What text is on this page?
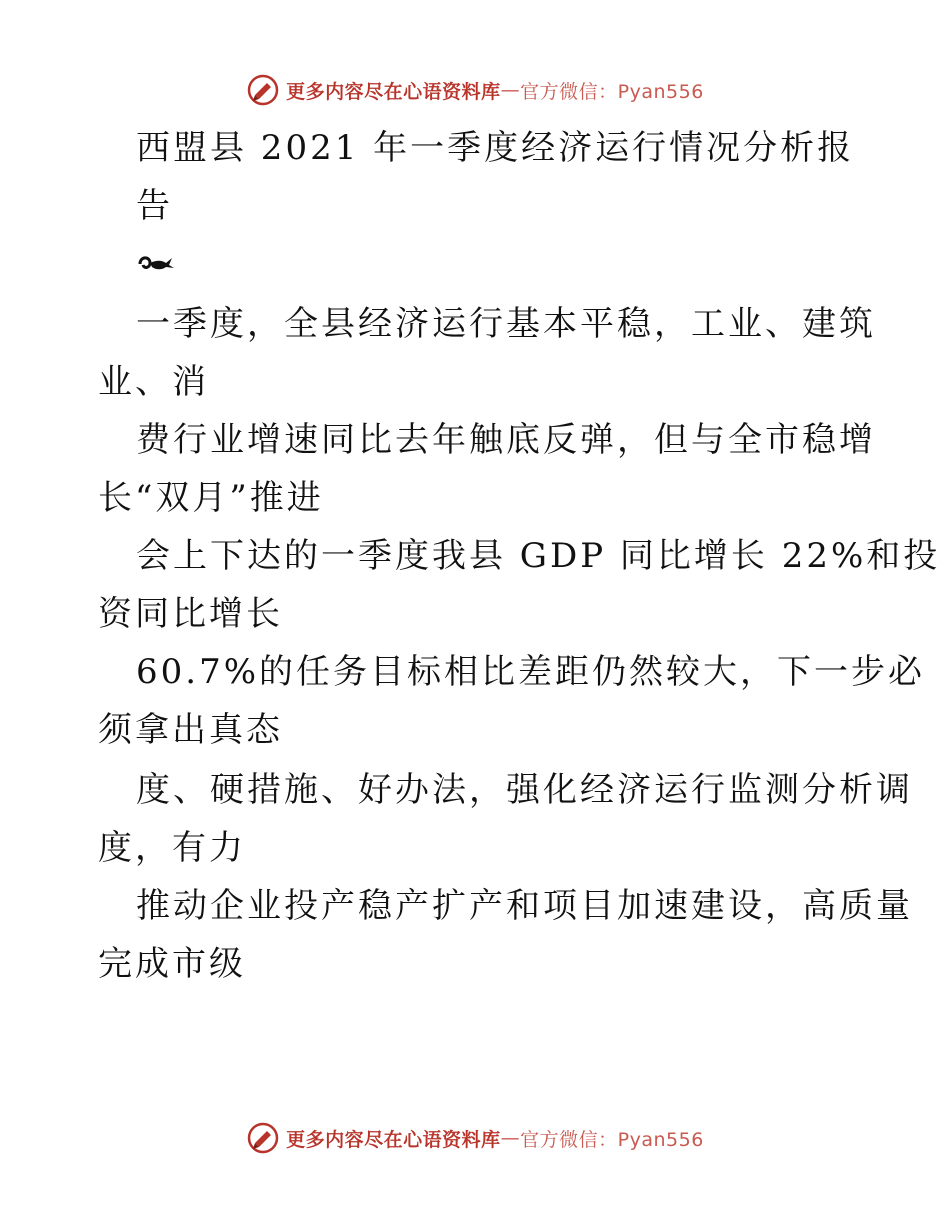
更多内容尽在心语资料库 — 官方微信：Pyan556
西盟县 2021 年一季度经济运行情况分析报
告
一季度，全县经济运行基本平稳，工业、建筑
业、消
费行业增速同比去年触底反弹，但与全市稳增
长“双月”推进
会上下达的一季度我县 GDP 同比增长 22%和投
资同比增长
60.7%的任务目标相比差距仍然较大，下一步必
须拿出真态
度、硬措施、好办法，强化经济运行监测分析调
度，有力
推动企业投产稳产扩产和项目加速建设，高质量
完成市级
更多内容尽在心语资料库 — 官方微信：Pyan556
